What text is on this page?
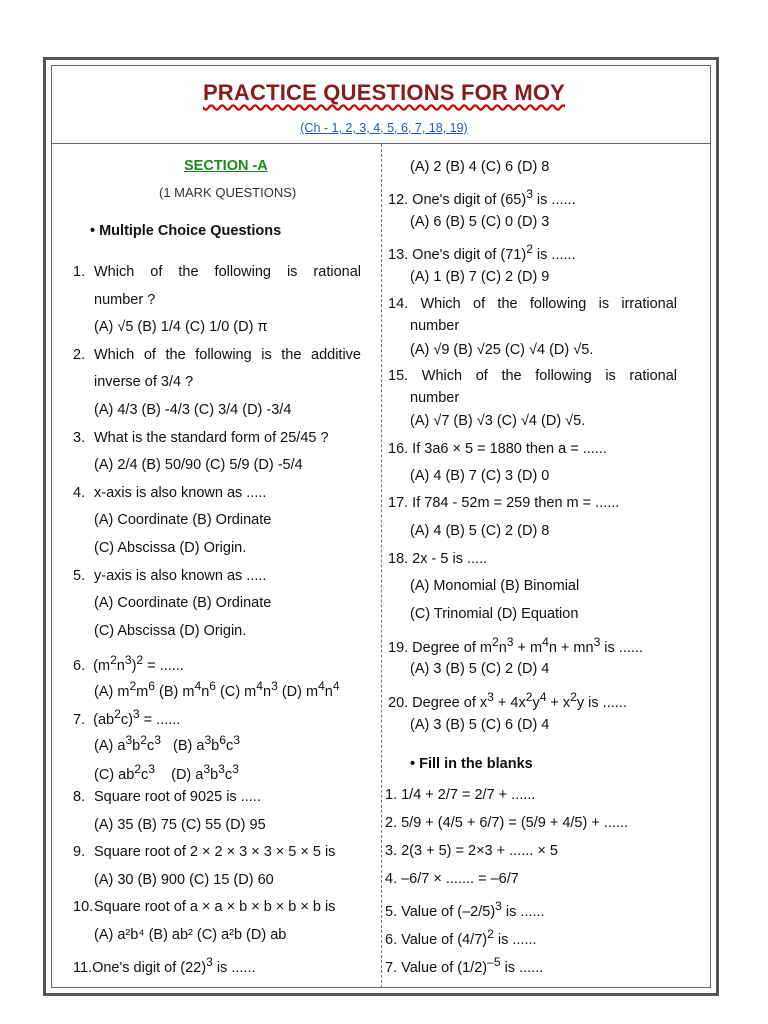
PRACTICE QUESTIONS FOR MOY
(Ch - 1, 2, 3, 4, 5, 6, 7, 18, 19)
SECTION -A
(1 MARK QUESTIONS)
• Multiple Choice Questions
1. Which of the following is rational
number ?
(A) √5 (B) 1/4 (C) 1/0 (D) π
2. Which of the following is the additive
inverse of 3/4 ?
(A) 4/3 (B) -4/3 (C) 3/4 (D) -3/4
3. What is the standard form of 25/45 ?
(A) 2/4 (B) 50/90 (C) 5/9 (D) -5/4
4. x-axis is also known as .....
(A) Coordinate (B) Ordinate
(C) Abscissa (D) Origin.
5. y-axis is also known as .....
(A) Coordinate (B) Ordinate
(C) Abscissa (D) Origin.
6.  $(m^2n^3)^2$ = ......
(A) $m^2m^6$ (B) $m^4n^6$ (C) $m^4n^3$ (D) $m^4n^4$
7.  $(ab^2c)^3$ = ......
(A) $a^3b^2c^3$ (B) $a^3b^6c^3$
(C) $ab^2c^3$ (D) $a^3b^3c^3$
8. Square root of 9025 is .....
(A) 35 (B) 75 (C) 55 (D) 95
9. Square root of 2 × 2 × 3 × 3 × 5 × 5 is
(A) 30 (B) 900 (C) 15 (D) 60
10. Square root of a × a × b × b × b × b is
(A) a²b⁴ (B) ab² (C) a²b (D) ab
11.One's digit of $(22)^3$ is ......
(A) 2 (B) 4 (C) 6 (D) 8
12. One's digit of $(65)^3$ is ......
(A) 6 (B) 5 (C) 0 (D) 3
13. One's digit of $(71)^2$ is ......
(A) 1 (B) 7 (C) 2 (D) 9
14. Which of the following is irrational
number
(A) √9 (B) √25 (C) √4 (D) √5.
15. Which of the following is rational
number
(A) √7 (B) √3 (C) √4 (D) √5.
16. If 3a6 × 5 = 1880 then a = ......
(A) 4 (B) 7 (C) 3 (D) 0
17. If 784 - 52m = 259 then m = ......
(A) 4 (B) 5 (C) 2 (D) 8
18. 2x - 5 is .....
(A) Monomial (B) Binomial
(C) Trinomial (D) Equation
19. Degree of $m^2n^3 + m^4n + mn^3$ is ......
(A) 3 (B) 5 (C) 2 (D) 4
20. Degree of $x^3 + 4x^2y^4 + x^2y$ is ......
(A) 3 (B) 5 (C) 6 (D) 4
• Fill in the blanks
1. 1/4 + 2/7 = 2/7 + ......
2. 5/9 + (4/5 + 6/7) = (5/9 + 4/5) + ......
3. 2(3 + 5) = 2×3 + ...... × 5
4. –6/7 × ....... = –6/7
5. Value of $(-2/5)^3$ is ......
6. Value of $(4/7)^2$ is ......
7. Value of $(1/2)^{-5}$ is ......
